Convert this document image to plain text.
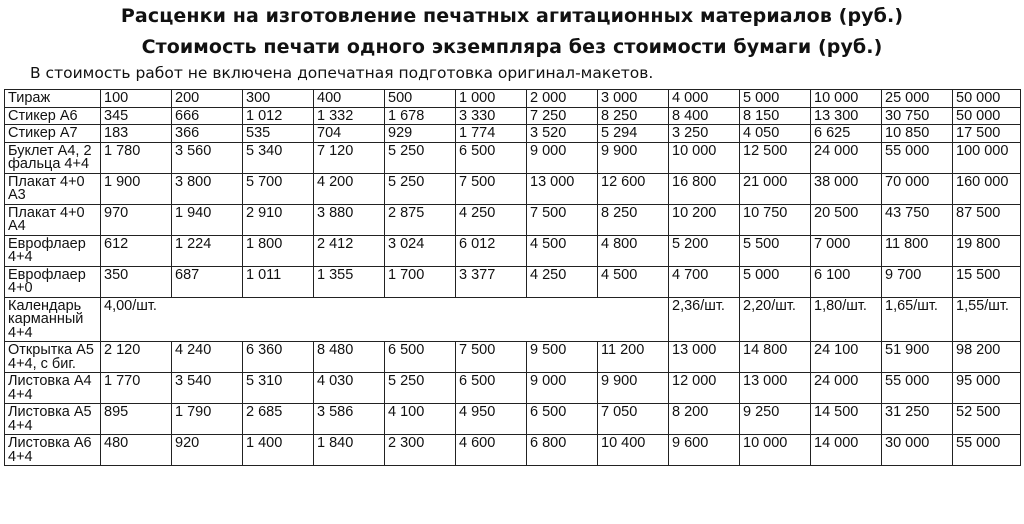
Расценки на изготовление печатных агитационных материалов (руб.)
Стоимость печати одного экземпляра без стоимости бумаги (руб.)

В стоимость работ не включена допечатная подготовка оригинал-макетов.

Тираж	100	200	300	400	500	1 000	2 000	3 000	4 000	5 000	10 000	25 000	50 000
Стикер А6	345	666	1 012	1 332	1 678	3 330	7 250	8 250	8 400	8 150	13 300	30 750	50 000
Стикер А7	183	366	535	704	929	1 774	3 520	5 294	3 250	4 050	6 625	10 850	17 500
Буклет А4, 2 фальца 4+4	1 780	3 560	5 340	7 120	5 250	6 500	9 000	9 900	10 000	12 500	24 000	55 000	100 000
Плакат 4+0 А3	1 900	3 800	5 700	4 200	5 250	7 500	13 000	12 600	16 800	21 000	38 000	70 000	160 000
Плакат 4+0 А4	970	1 940	2 910	3 880	2 875	4 250	7 500	8 250	10 200	10 750	20 500	43 750	87 500
Еврофлаер 4+4	612	1 224	1 800	2 412	3 024	6 012	4 500	4 800	5 200	5 500	7 000	11 800	19 800
Еврофлаер 4+0	350	687	1 011	1 355	1 700	3 377	4 250	4 500	4 700	5 000	6 100	9 700	15 500
Календарь карманный 4+4	4,00/шт.								2,36/шт.	2,20/шт.	1,80/шт.	1,65/шт.	1,55/шт.
Открытка А5 4+4, с биг.	2 120	4 240	6 360	8 480	6 500	7 500	9 500	11 200	13 000	14 800	24 100	51 900	98 200
Листовка А4 4+4	1 770	3 540	5 310	4 030	5 250	6 500	9 000	9 900	12 000	13 000	24 000	55 000	95 000
Листовка А5 4+4	895	1 790	2 685	3 586	4 100	4 950	6 500	7 050	8 200	9 250	14 500	31 250	52 500
Листовка А6 4+4	480	920	1 400	1 840	2 300	4 600	6 800	10 400	9 600	10 000	14 000	30 000	55 000
